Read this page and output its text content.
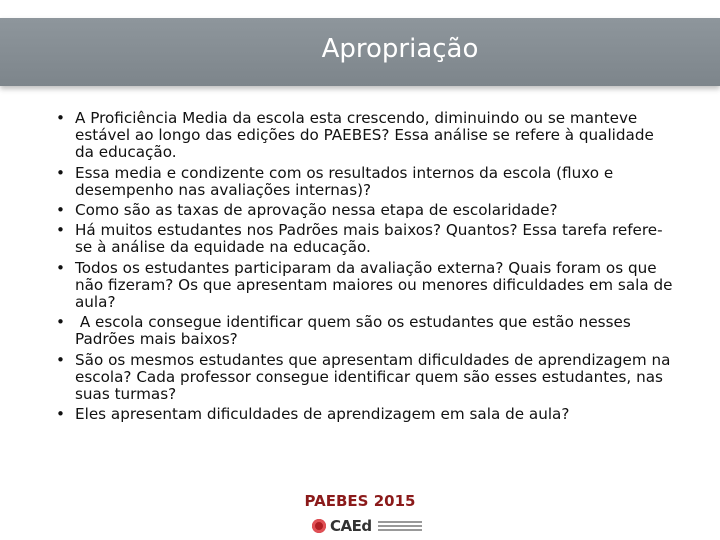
Apropriação
• A Proficiência Media da escola esta crescendo, diminuindo ou se manteve estável ao longo das edições do PAEBES? Essa análise se refere à qualidade da educação.
• Essa media e condizente com os resultados internos da escola (fluxo e desempenho nas avaliações internas)?
• Como são as taxas de aprovação nessa etapa de escolaridade?
• Há muitos estudantes nos Padrões mais baixos? Quantos? Essa tarefa refere-se à análise da equidade na educação.
• Todos os estudantes participaram da avaliação externa? Quais foram os que não fizeram? Os que apresentam maiores ou menores dificuldades em sala de aula?
• A escola consegue identificar quem são os estudantes que estão nesses Padrões mais baixos?
• São os mesmos estudantes que apresentam dificuldades de aprendizagem na escola? Cada professor consegue identificar quem são esses estudantes, nas suas turmas?
• Eles apresentam dificuldades de aprendizagem em sala de aula?
PAEBES 2015
CAEd
